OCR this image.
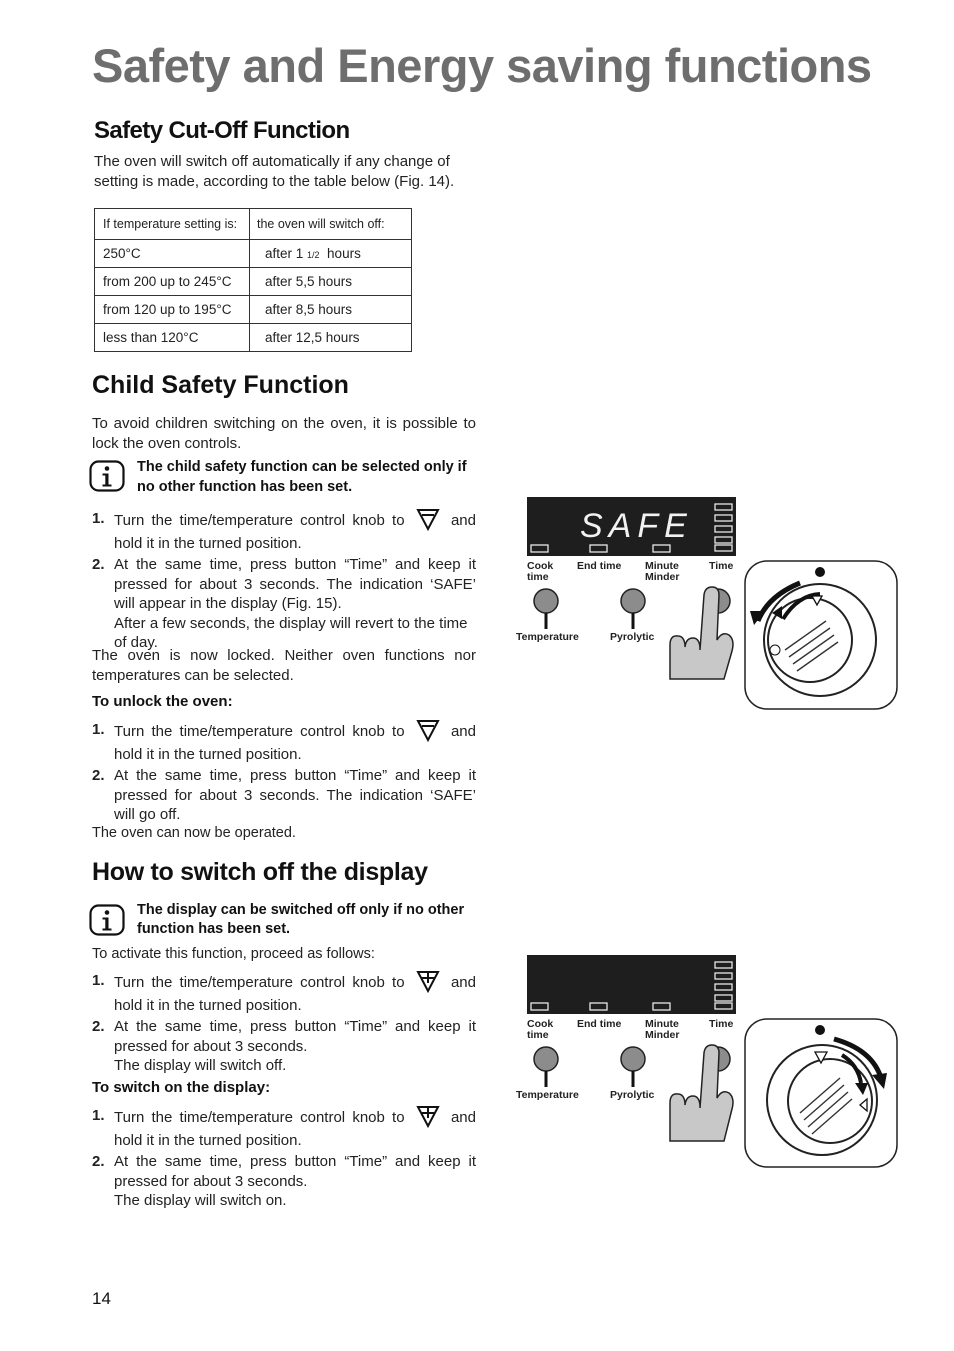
Safety and Energy saving functions
Safety Cut-Off Function
The oven will switch off automatically if any change of setting is made, according to the table below (Fig. 14).
If temperature setting is:	the oven will switch off:
250°C	after 1 1/2  hours
from 200 up to 245°C	after 5,5 hours
from 120 up to 195°C	after 8,5 hours
less than 120°C	after 12,5 hours
Child Safety Function
To avoid children switching on the oven, it is possible to lock the oven controls.
The child safety function can be selected only if no other function has been set.
1. Turn the time/temperature control knob to	and hold it in the turned position.
2. At the same time, press button “Time” and keep it pressed for about 3 seconds. The indication ‘SAFE’ will appear in the display (Fig. 15).
After a few seconds, the display will revert to the time of day.
The oven is now locked. Neither oven functions nor temperatures can be selected.
To unlock the oven:
1. Turn the time/temperature control knob to	and hold it in the turned position.
2. At the same time, press button “Time” and keep it pressed for about 3 seconds. The indication ‘SAFE’ will go off.
The oven can now be operated.
How to switch off the display
The display can be switched off only if no other function has been set.
To activate this function, proceed as follows:
1. Turn the time/temperature control knob to	and hold it in the turned position.
2. At the same time, press button “Time” and keep it pressed for about 3 seconds.
The display will switch off.
To switch on the display:
1. Turn the time/temperature control knob to	and hold it in the turned position.
2. At the same time, press button “Time” and keep it pressed for about 3 seconds.
The display will switch on.
14
SAFE
Cook
time
End time Minute
Minder
Time
Temperature	Pyrolytic
Cook
time
End time Minute
Minder
Time
Temperature	Pyrolytic
